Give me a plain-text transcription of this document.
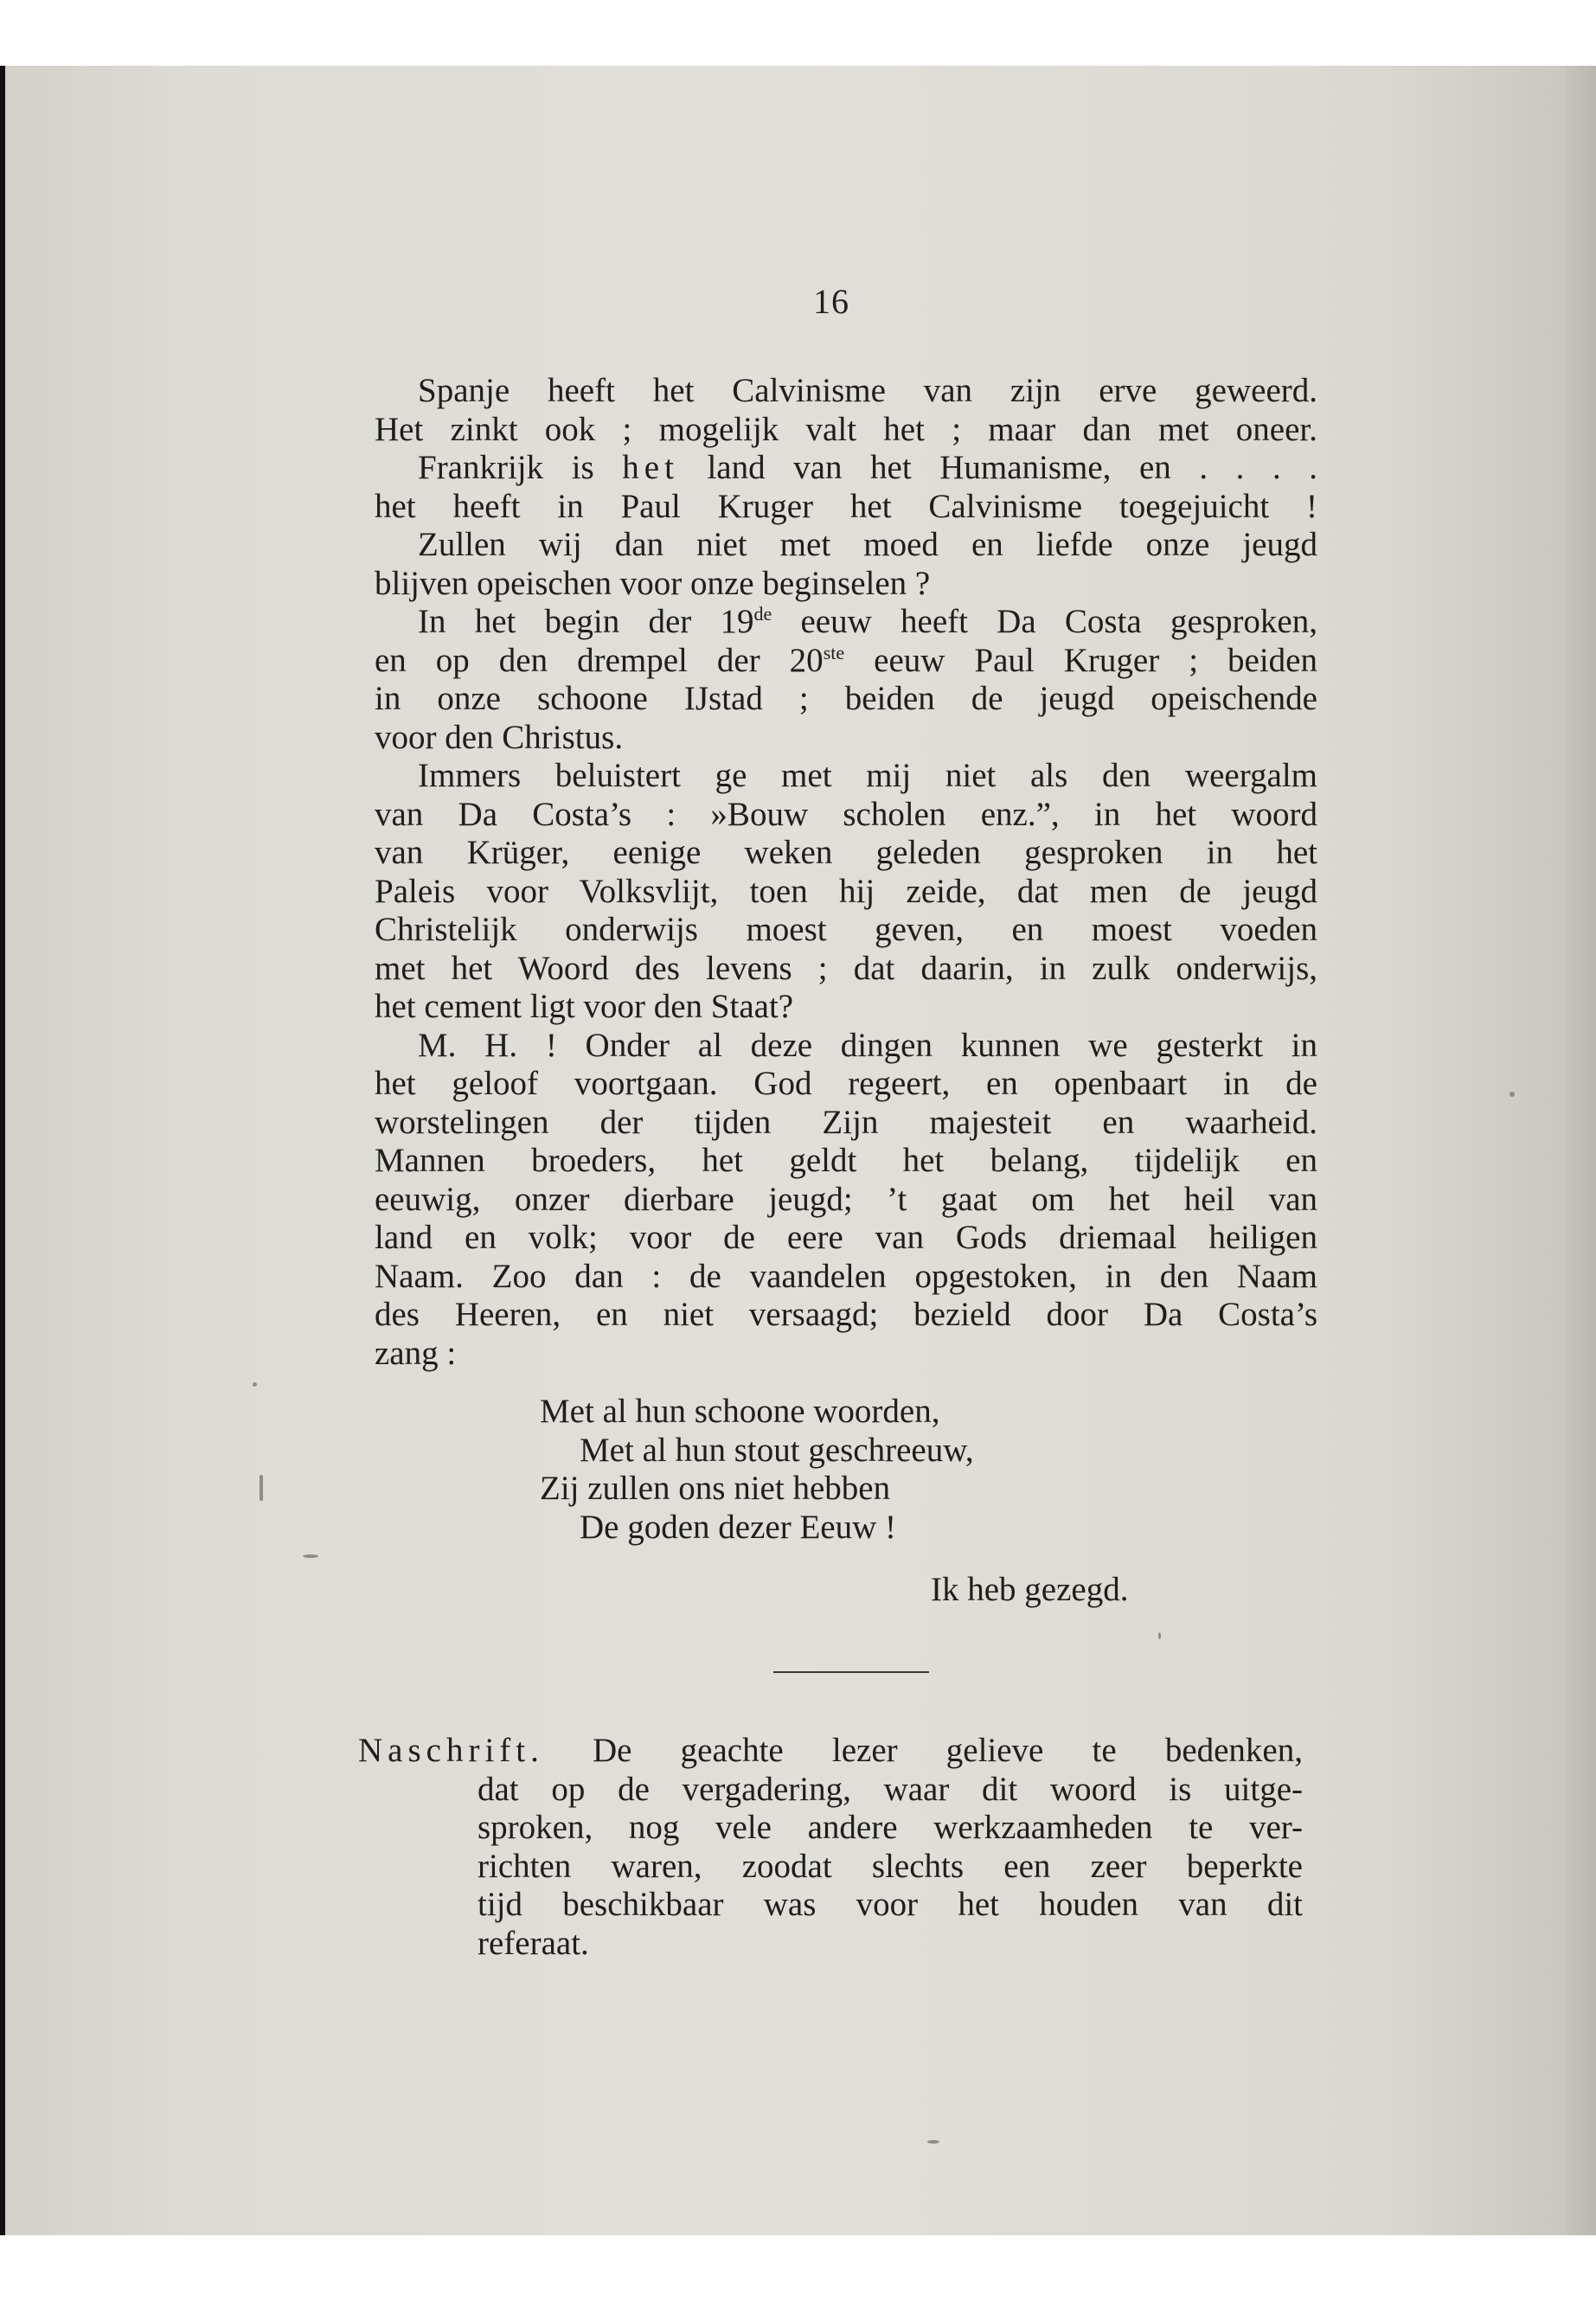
16

Spanje heeft het Calvinisme van zijn erve geweerd.
Het zinkt ook ; mogelijk valt het ; maar dan met oneer.
Frankrijk is het land van het Humanisme, en . . . .
het heeft in Paul Kruger het Calvinisme toegejuicht !
Zullen wij dan niet met moed en liefde onze jeugd
blijven opeischen voor onze beginselen ?

In het begin der 19de eeuw heeft Da Costa gesproken,
en op den drempel der 20ste eeuw Paul Kruger ; beiden
in onze schoone IJstad ; beiden de jeugd opeischende
voor den Christus.

Immers beluistert ge met mij niet als den weergalm
van Da Costa’s : »Bouw scholen enz.”, in het woord
van Krüger, eenige weken geleden gesproken in het
Paleis voor Volksvlijt, toen hij zeide, dat men de jeugd
Christelijk onderwijs moest geven, en moest voeden
met het Woord des levens ; dat daarin, in zulk onderwijs,
het cement ligt voor den Staat?

M. H. ! Onder al deze dingen kunnen we gesterkt in
het geloof voortgaan. God regeert, en openbaart in de
worstelingen der tijden Zijn majesteit en waarheid.
Mannen broeders, het geldt het belang, tijdelijk en
eeuwig, onzer dierbare jeugd; ’t gaat om het heil van
land en volk; voor de eere van Gods driemaal heiligen
Naam. Zoo dan : de vaandelen opgestoken, in den Naam
des Heeren, en niet versaagd; bezield door Da Costa’s
zang :

Met al hun schoone woorden,
Met al hun stout geschreeuw,
Zij zullen ons niet hebben
De goden dezer Eeuw !
Ik heb gezegd.
Naschrift. De geachte lezer gelieve te bedenken,
dat op de vergadering, waar dit woord is uitge-
sproken, nog vele andere werkzaamheden te ver-
richten waren, zoodat slechts een zeer beperkte
tijd beschikbaar was voor het houden van dit
referaat.
